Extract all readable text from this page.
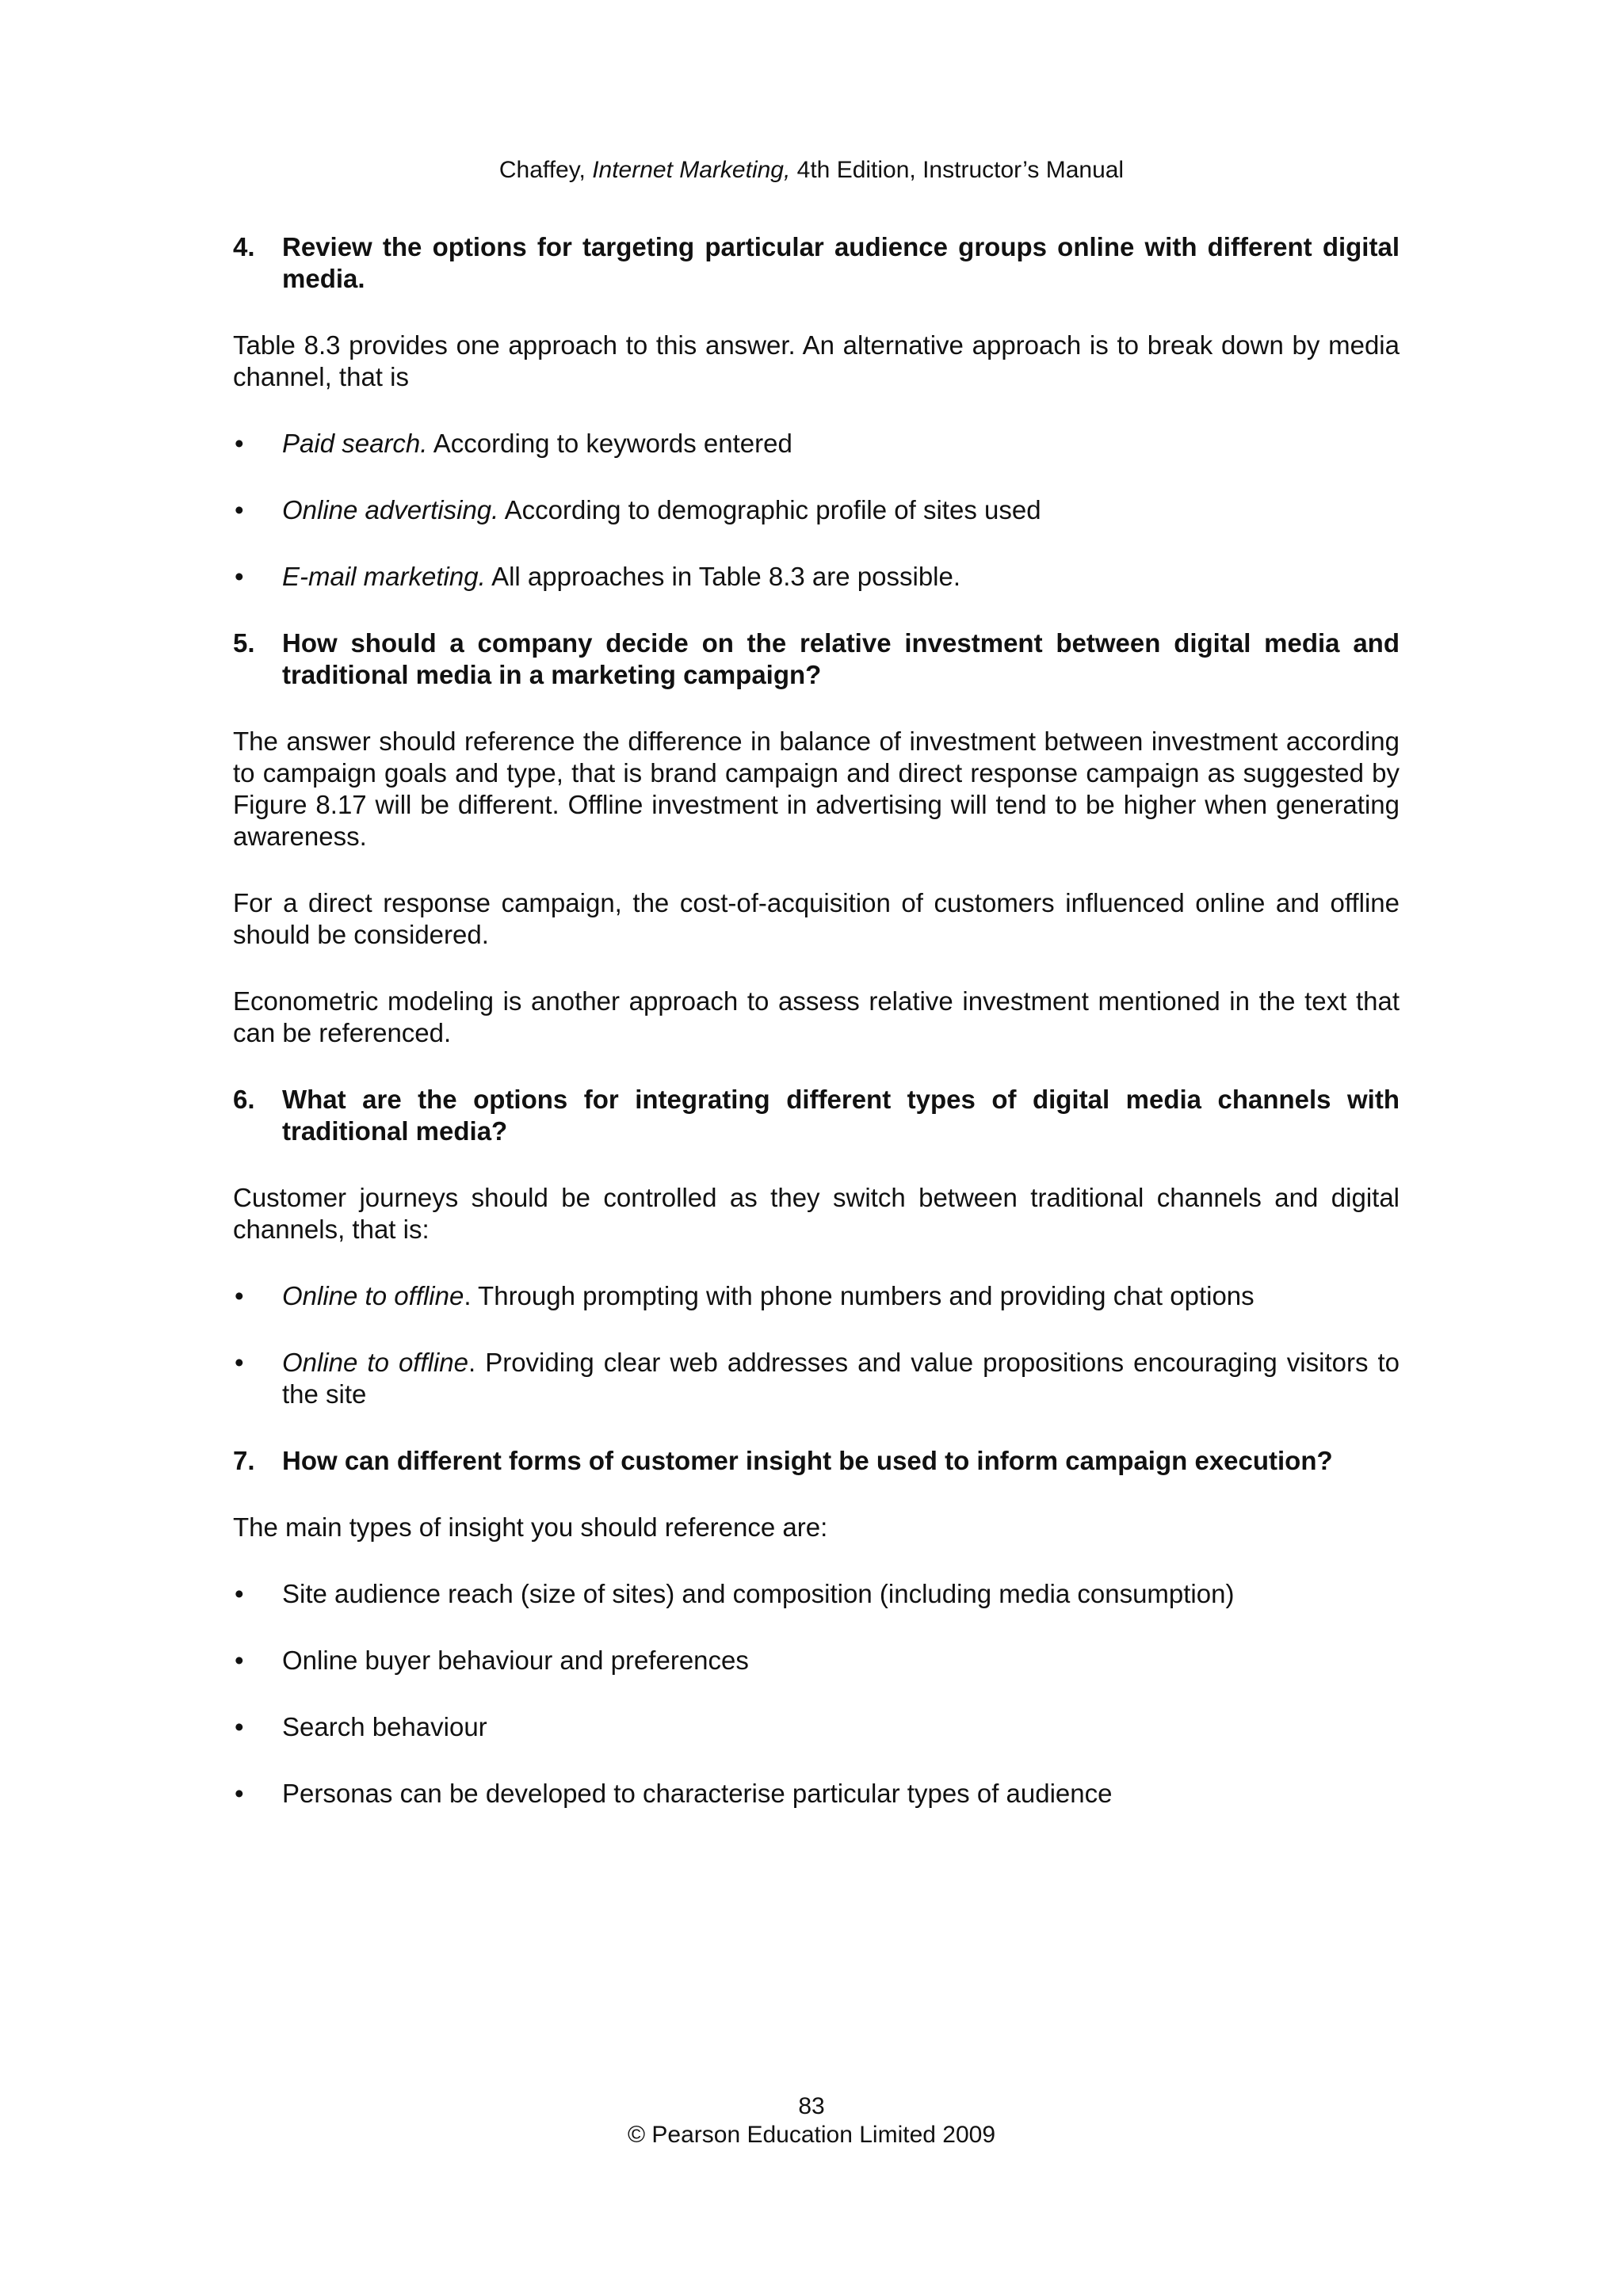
Chaffey, Internet Marketing, 4th Edition, Instructor’s Manual
4.	Review the options for targeting particular audience groups online with different digital media.

Table 8.3 provides one approach to this answer. An alternative approach is to break down by media channel, that is

•	Paid search. According to keywords entered
•	Online advertising. According to demographic profile of sites used
•	E-mail marketing. All approaches in Table 8.3 are possible.
5.	How should a company decide on the relative investment between digital media and traditional media in a marketing campaign?

The answer should reference the difference in balance of investment between investment according to campaign goals and type, that is brand campaign and direct response campaign as suggested by Figure 8.17 will be different. Offline investment in advertising will tend to be higher when generating awareness.

For a direct response campaign, the cost-of-acquisition of customers influenced online and offline should be considered.

Econometric modeling is another approach to assess relative investment mentioned in the text that can be referenced.

6.	What are the options for integrating different types of digital media channels with traditional media?

Customer journeys should be controlled as they switch between traditional channels and digital channels, that is:

•	Online to offline. Through prompting with phone numbers and providing chat options
•	Online to offline. Providing clear web addresses and value propositions encouraging visitors to the site
7.	How can different forms of customer insight be used to inform campaign execution?

The main types of insight you should reference are:

•	Site audience reach (size of sites) and composition (including media consumption)
•	Online buyer behaviour and preferences
•	Search behaviour
•	Personas can be developed to characterise particular types of audience
83
© Pearson Education Limited 2009
